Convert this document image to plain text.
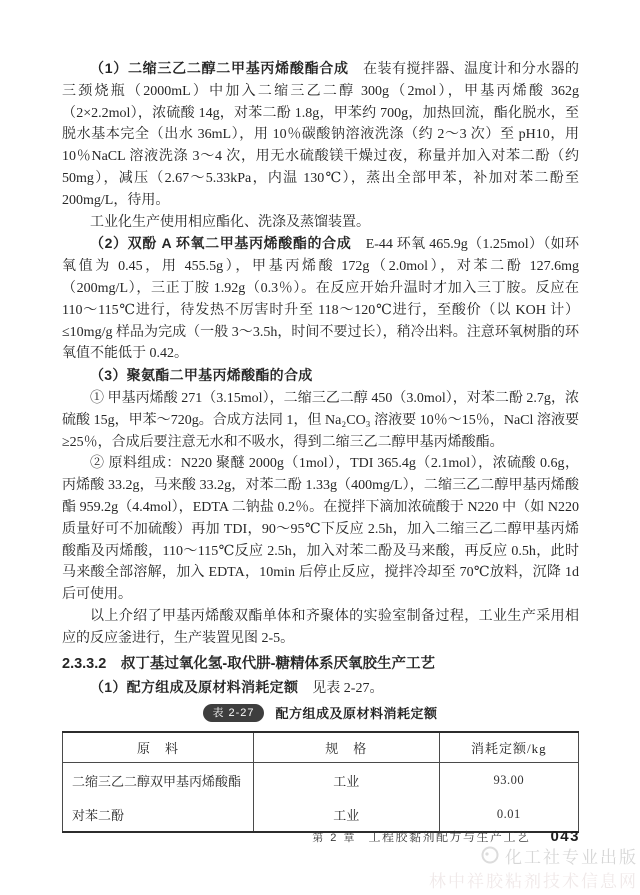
（1）二缩三乙二醇二甲基丙烯酸酯合成　在装有搅拌器、温度计和分水器的三颈烧瓶（2000mL）中加入二缩三乙二醇 300g（2mol），甲基丙烯酸 362g（2×2.2mol），浓硫酸 14g，对苯二酚 1.8g，甲苯约 700g，加热回流，酯化脱水，至脱水基本完全（出水 36mL），用 10％碳酸钠溶液洗涤（约 2～3 次）至 pH10，用 10％NaCL 溶液洗涤 3～4 次，用无水硫酸镁干燥过夜，称量并加入对苯二酚（约 50mg），减压（2.67～5.33kPa，内温 130℃），蒸出全部甲苯，补加对苯二酚至 200mg/L，待用。
工业化生产使用相应酯化、洗涤及蒸馏装置。
（2）双酚 A 环氧二甲基丙烯酸酯的合成　E-44 环氧 465.9g（1.25mol）（如环氧值为 0.45，用 455.5g），甲基丙烯酸 172g（2.0mol），对苯二酚 127.6mg（200mg/L），三正丁胺 1.92g（0.3％）。在反应开始升温时才加入三丁胺。反应在 110～115℃进行，待发热不厉害时升至 118～120℃进行，至酸价（以 KOH 计）≤10mg/g 样品为完成（一般 3～3.5h，时间不要过长），稍冷出料。注意环氧树脂的环氧值不能低于 0.42。
（3）聚氨酯二甲基丙烯酸酯的合成
① 甲基丙烯酸 271（3.15mol），二缩三乙二醇 450（3.0mol），对苯二酚 2.7g，浓硫酸 15g，甲苯～720g。合成方法同 1，但 Na₂CO₃ 溶液要 10％～15％，NaCl 溶液要≥25％，合成后要注意无水和不吸水，得到二缩三乙二醇甲基丙烯酸酯。
② 原料组成：N220 聚醚 2000g（1mol），TDI 365.4g（2.1mol），浓硫酸 0.6g，丙烯酸 33.2g，马来酸 33.2g，对苯二酚 1.33g（400mg/L），二缩三乙二醇甲基丙烯酸酯 959.2g（4.4mol），EDTA 二钠盐 0.2％。在搅拌下滴加浓硫酸于 N220 中（如 N220 质量好可不加硫酸）再加 TDI，90～95℃下反应 2.5h，加入二缩三乙二醇甲基丙烯酸酯及丙烯酸，110～115℃反应 2.5h，加入对苯二酚及马来酸，再反应 0.5h，此时马来酸全部溶解，加入 EDTA，10min 后停止反应，搅拌冷却至 70℃放料，沉降 1d 后可使用。
以上介绍了甲基丙烯酸双酯单体和齐聚体的实验室制备过程，工业生产采用相应的反应釜进行，生产装置见图 2-5。
2.3.3.2　叔丁基过氧化氢-取代肼-糖精体系厌氧胶生产工艺
（1）配方组成及原材料消耗定额　见表 2-27。
表 2-27	配方组成及原材料消耗定额
原　料	规　格	消耗定额/kg
二缩三乙二醇双甲基丙烯酸酯	工业	93.00
对苯二酚	工业	0.01
第 2 章 工程胶黏剂配方与生产工艺 043
化工社专业出版
林中祥胶粘剂技术信息网
